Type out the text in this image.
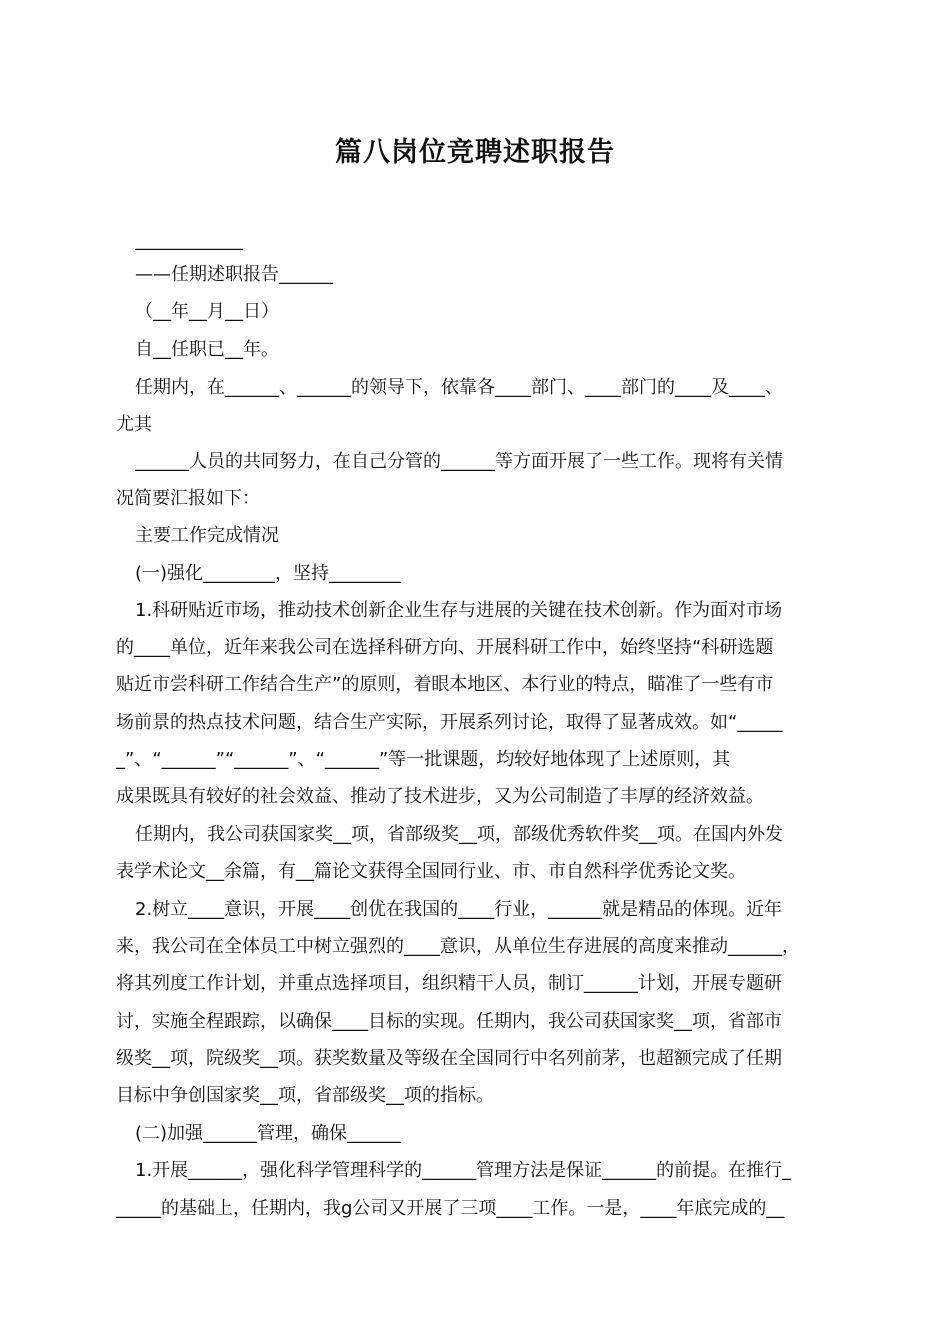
篇八岗位竞聘述职报告
____________
——任期述职报告______
（__年__月__日）
自__任职已__年。
任期内，在______、______的领导下，依靠各____部门、____部门的____及____、
尤其
______人员的共同努力，在自己分管的______等方面开展了一些工作。现将有关情
况简要汇报如下：
主要工作完成情况
(一)强化________，坚持________
1.科研贴近市场，推动技术创新企业生存与进展的关键在技术创新。作为面对市场
的____单位，近年来我公司在选择科研方向、开展科研工作中，始终坚持“科研选题
贴近市尝科研工作结合生产”的原则，着眼本地区、本行业的特点，瞄准了一些有市
场前景的热点技术问题，结合生产实际，开展系列讨论，取得了显著成效。如“_____
_”、“______”“______”、“______”等一批课题，均较好地体现了上述原则，其
成果既具有较好的社会效益、推动了技术进步，又为公司制造了丰厚的经济效益。
任期内，我公司获国家奖__项，省部级奖__项，部级优秀软件奖__项。在国内外发
表学术论文__余篇，有__篇论文获得全国同行业、市、市自然科学优秀论文奖。
2.树立____意识，开展____创优在我国的____行业，______就是精品的体现。近年
来，我公司在全体员工中树立强烈的____意识，从单位生存进展的高度来推动______，
将其列度工作计划，并重点选择项目，组织精干人员，制订______计划，开展专题研
讨，实施全程跟踪，以确保____目标的实现。任期内，我公司获国家奖__项，省部市
级奖__项，院级奖__项。获奖数量及等级在全国同行中名列前茅，也超额完成了任期
目标中争创国家奖__项，省部级奖__项的指标。
(二)加强______管理，确保______
1.开展______，强化科学管理科学的______管理方法是保证______的前提。在推行_
_____的基础上，任期内，我g公司又开展了三项____工作。一是，____年底完成的__
